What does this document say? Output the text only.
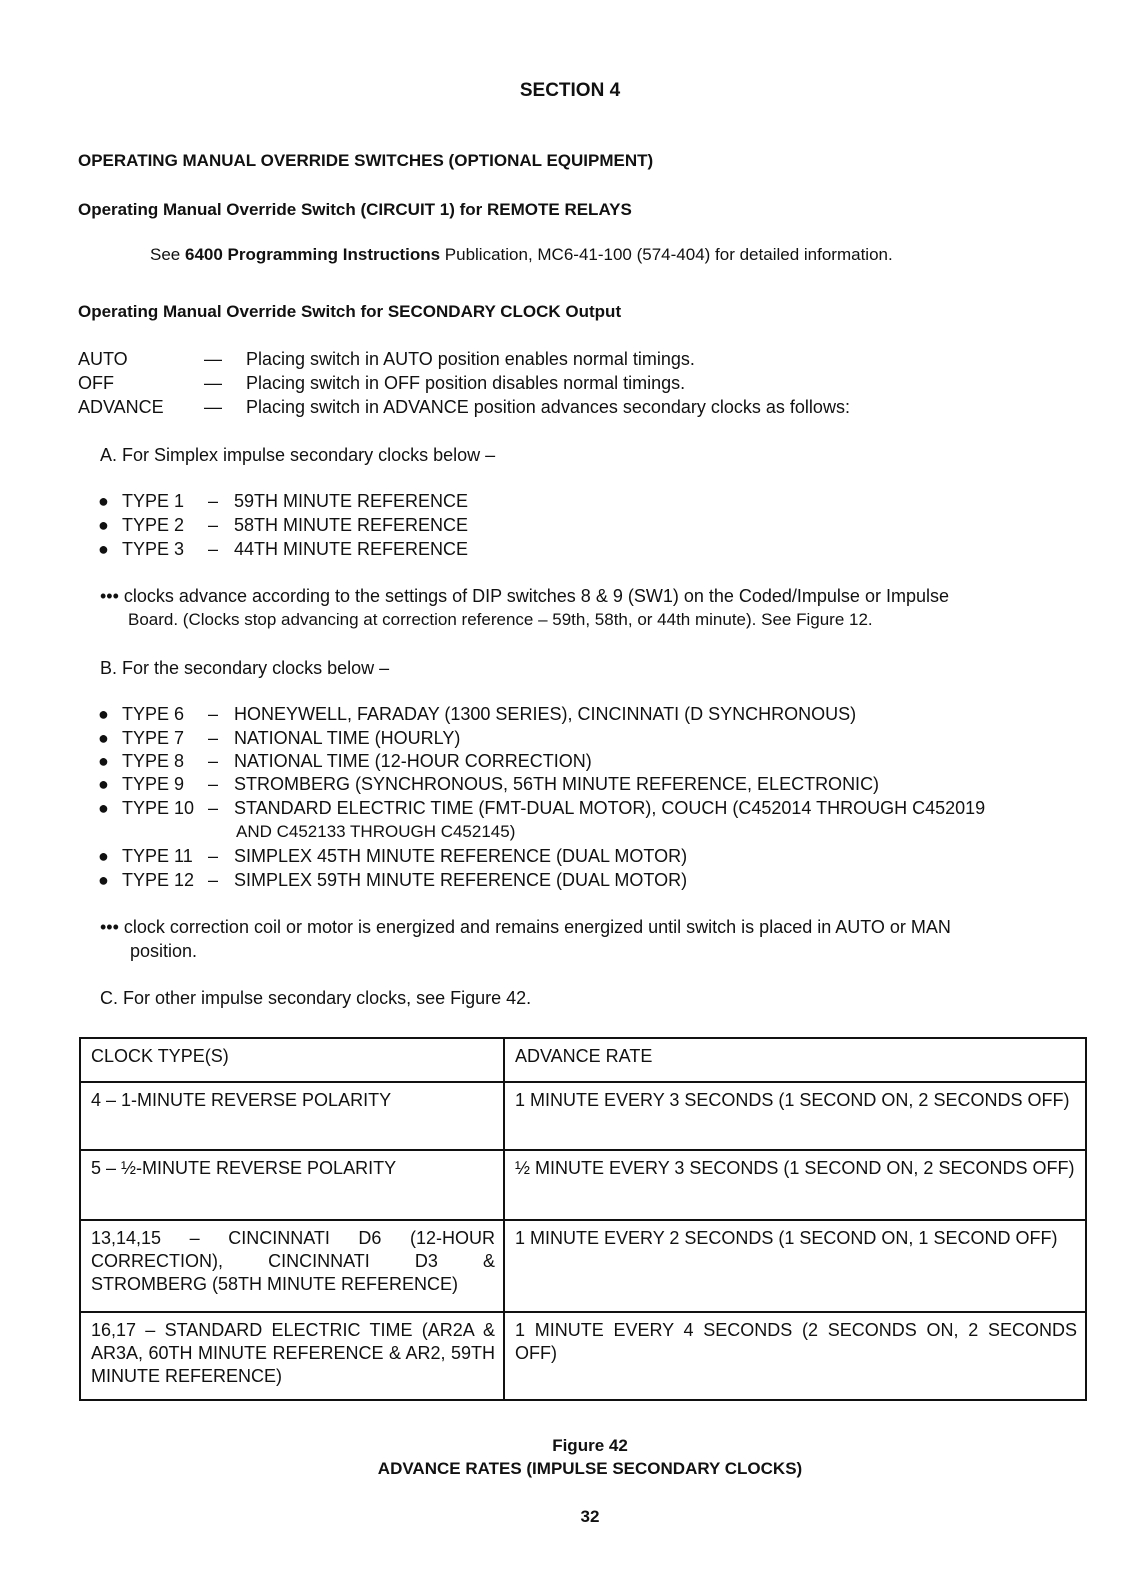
SECTION 4
OPERATING MANUAL OVERRIDE SWITCHES (OPTIONAL EQUIPMENT)
Operating Manual Override Switch (CIRCUIT 1) for REMOTE RELAYS
See 6400 Programming Instructions Publication, MC6-41-100 (574-404) for detailed information.
Operating Manual Override Switch for SECONDARY CLOCK Output
AUTO	— Placing switch in AUTO position enables normal timings.
OFF	— Placing switch in OFF position disables normal timings.
ADVANCE — Placing switch in ADVANCE position advances secondary clocks as follows:
A. For Simplex impulse secondary clocks below –
● TYPE 1 – 59TH MINUTE REFERENCE
● TYPE 2 – 58TH MINUTE REFERENCE
● TYPE 3 – 44TH MINUTE REFERENCE
••• clocks advance according to the settings of DIP switches 8 & 9 (SW1) on the Coded/Impulse or Impulse
Board. (Clocks stop advancing at correction reference – 59th, 58th, or 44th minute). See Figure 12.
B. For the secondary clocks below –
● TYPE 6 – HONEYWELL, FARADAY (1300 SERIES), CINCINNATI (D SYNCHRONOUS)
● TYPE 7 – NATIONAL TIME (HOURLY)
● TYPE 8 – NATIONAL TIME (12-HOUR CORRECTION)
● TYPE 9 – STROMBERG (SYNCHRONOUS, 56TH MINUTE REFERENCE, ELECTRONIC)
● TYPE 10 – STANDARD ELECTRIC TIME (FMT-DUAL MOTOR), COUCH (C452014 THROUGH C452019
AND C452133 THROUGH C452145)
● TYPE 11 – SIMPLEX 45TH MINUTE REFERENCE (DUAL MOTOR)
● TYPE 12 – SIMPLEX 59TH MINUTE REFERENCE (DUAL MOTOR)
••• clock correction coil or motor is energized and remains energized until switch is placed in AUTO or MAN
position.
C. For other impulse secondary clocks, see Figure 42.
CLOCK TYPE(S)	ADVANCE RATE
4 – 1-MINUTE REVERSE POLARITY	1 MINUTE EVERY 3 SECONDS (1 SECOND ON, 2 SECONDS OFF)
5 – ½-MINUTE REVERSE POLARITY	½ MINUTE EVERY 3 SECONDS (1 SECOND ON, 2 SECONDS OFF)
13,14,15 – CINCINNATI D6 (12-HOUR CORRECTION), CINCINNATI D3 & STROMBERG (58TH MINUTE REFERENCE)	1 MINUTE EVERY 2 SECONDS (1 SECOND ON, 1 SECOND OFF)
16,17 – STANDARD ELECTRIC TIME (AR2A & AR3A, 60TH MINUTE REFERENCE & AR2, 59TH MINUTE REFERENCE)	1 MINUTE EVERY 4 SECONDS (2 SECONDS ON, 2 SECONDS OFF)
Figure 42
ADVANCE RATES (IMPULSE SECONDARY CLOCKS)
32
